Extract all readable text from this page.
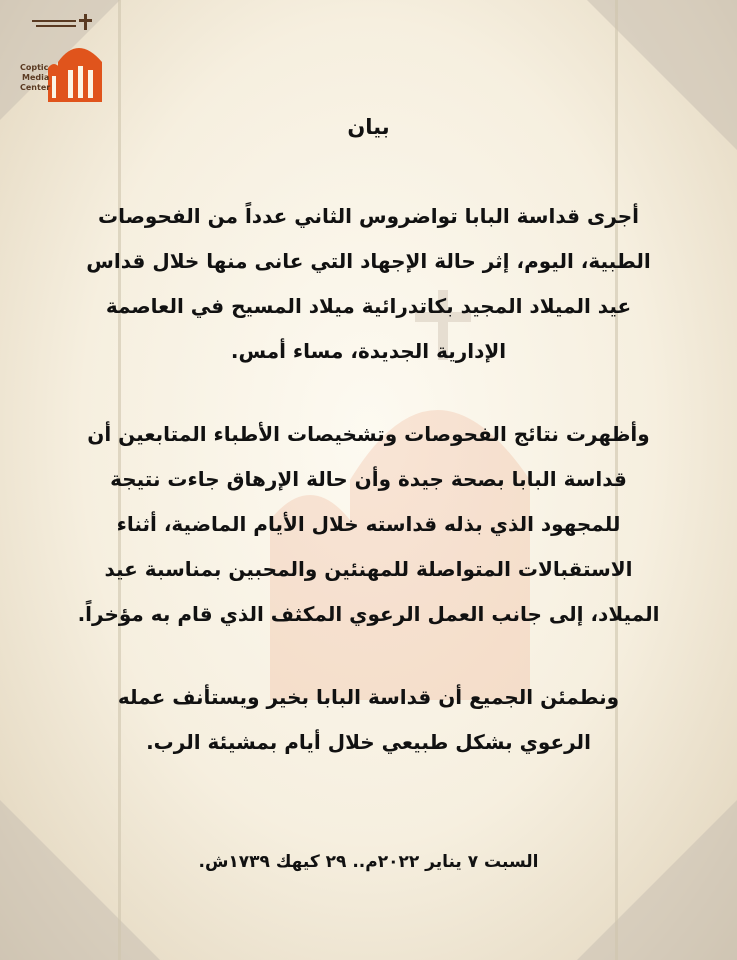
Coptic
Media
Center
بيان
أجرى قداسة البابا تواضروس الثاني عدداً من الفحوصات
الطبية، اليوم، إثر حالة الإجهاد التي عانى منها خلال قداس
عيد الميلاد المجيد بكاتدرائية ميلاد المسيح في العاصمة
الإدارية الجديدة، مساء أمس.
وأظهرت نتائج الفحوصات وتشخيصات الأطباء المتابعين أن
قداسة البابا بصحة جيدة وأن حالة الإرهاق جاءت نتيجة
للمجهود الذي بذله قداسته خلال الأيام الماضية، أثناء
الاستقبالات المتواصلة للمهنئين والمحبين بمناسبة عيد
الميلاد، إلى جانب العمل الرعوي المكثف الذي قام به مؤخراً.
ونطمئن الجميع أن قداسة البابا بخير ويستأنف عمله
الرعوي بشكل طبيعي خلال أيام بمشيئة الرب.
السبت ٧ يناير ٢٠٢٢م.. ٢٩ كيهك ١٧٣٩ش.
